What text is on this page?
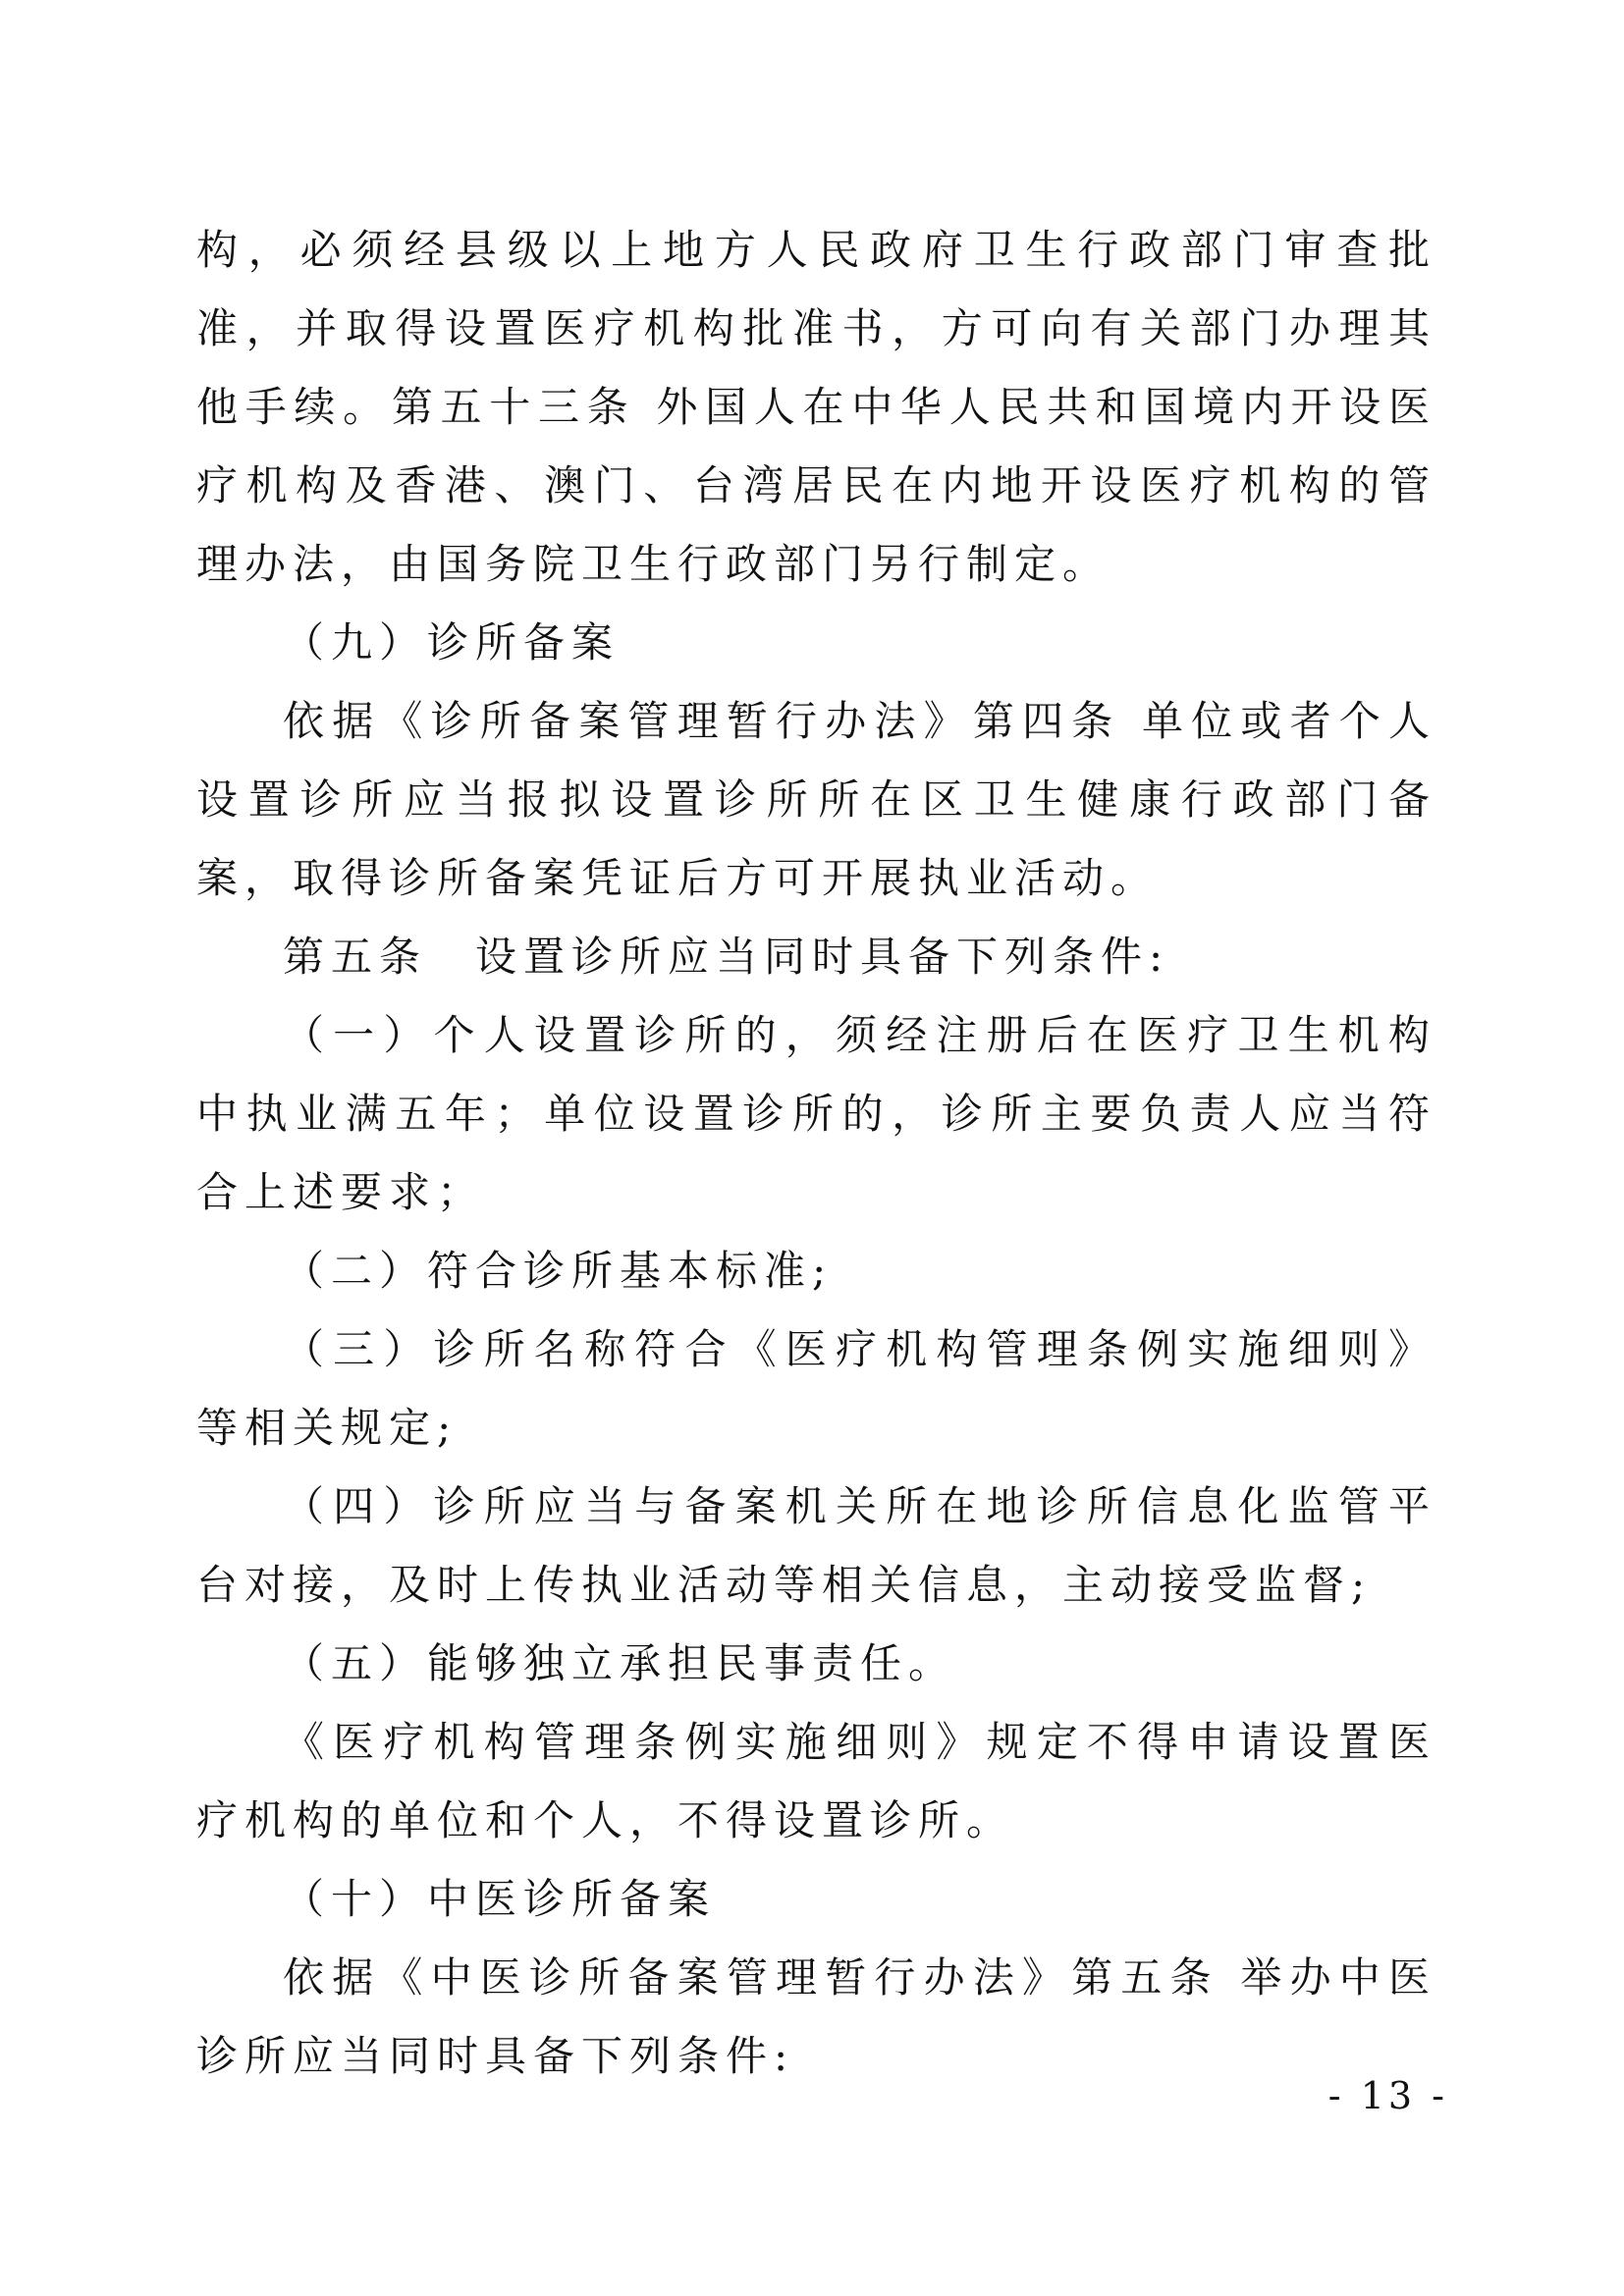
构，必须经县级以上地方人民政府卫生行政部门审查批准，并取得设置医疗机构批准书，方可向有关部门办理其他手续。第五十三条 外国人在中华人民共和国境内开设医疗机构及香港、澳门、台湾居民在内地开设医疗机构的管理办法，由国务院卫生行政部门另行制定。

（九）诊所备案

依据《诊所备案管理暂行办法》第四条 单位或者个人设置诊所应当报拟设置诊所所在区卫生健康行政部门备案，取得诊所备案凭证后方可开展执业活动。

第五条　设置诊所应当同时具备下列条件:

（一）个人设置诊所的，须经注册后在医疗卫生机构中执业满五年；单位设置诊所的，诊所主要负责人应当符合上述要求；

（二）符合诊所基本标准;

（三）诊所名称符合《医疗机构管理条例实施细则》等相关规定;

（四）诊所应当与备案机关所在地诊所信息化监管平台对接，及时上传执业活动等相关信息，主动接受监督;

（五）能够独立承担民事责任。

《医疗机构管理条例实施细则》规定不得申请设置医疗机构的单位和个人，不得设置诊所。

（十）中医诊所备案

依据《中医诊所备案管理暂行办法》第五条 举办中医诊所应当同时具备下列条件:

- 13 -
